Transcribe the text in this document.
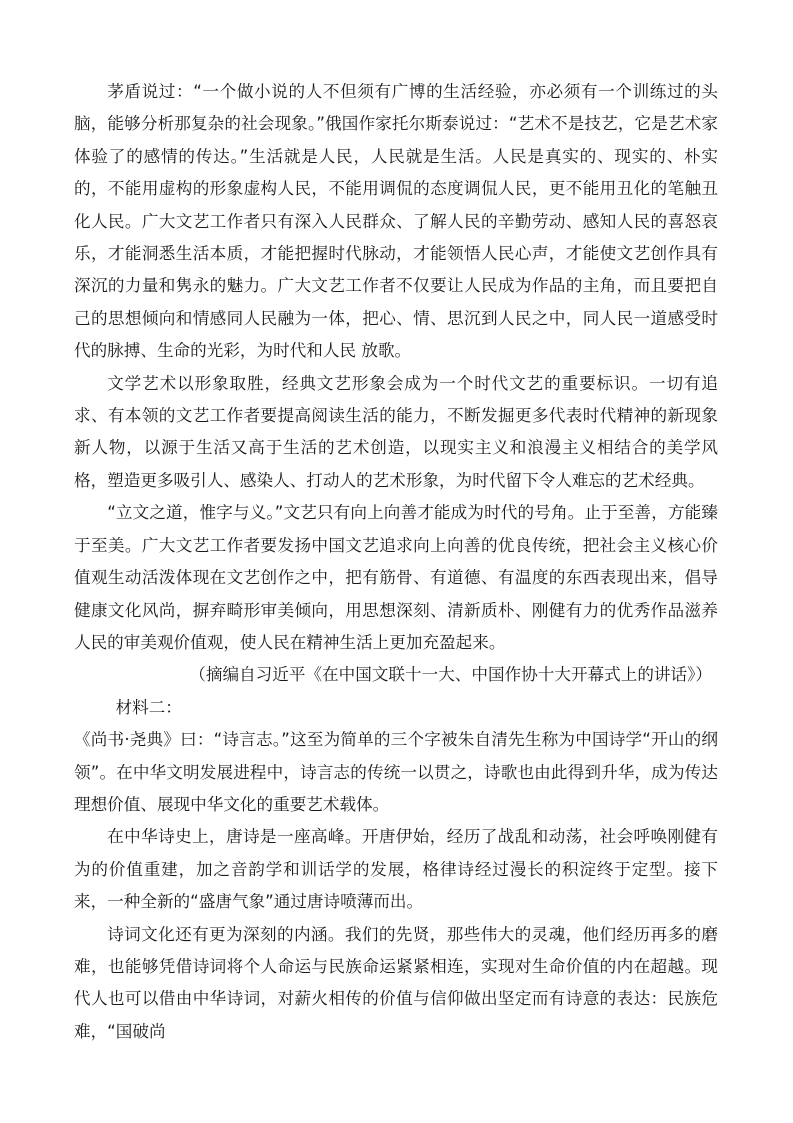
茅盾说过：“一个做小说的人不但须有广博的生活经验，亦必须有一个训练过的头脑，能够分析那复杂的社会现象。”俄国作家托尔斯泰说过：“艺术不是技艺，它是艺术家体验了的感情的传达。”生活就是人民，人民就是生活。人民是真实的、现实的、朴实的，不能用虚构的形象虚构人民，不能用调侃的态度调侃人民，更不能用丑化的笔触丑化人民。广大文艺工作者只有深入人民群众、了解人民的辛勤劳动、感知人民的喜怒哀乐，才能洞悉生活本质，才能把握时代脉动，才能领悟人民心声，才能使文艺创作具有深沉的力量和隽永的魅力。广大文艺工作者不仅要让人民成为作品的主角，而且要把自己的思想倾向和情感同人民融为一体，把心、情、思沉到人民之中，同人民一道感受时代的脉搏、生命的光彩，为时代和人民 放歌。

文学艺术以形象取胜，经典文艺形象会成为一个时代文艺的重要标识。一切有追求、有本领的文艺工作者要提高阅读生活的能力，不断发掘更多代表时代精神的新现象新人物，以源于生活又高于生活的艺术创造，以现实主义和浪漫主义相结合的美学风格，塑造更多吸引人、感染人、打动人的艺术形象，为时代留下令人难忘的艺术经典。

“立文之道，惟字与义。”文艺只有向上向善才能成为时代的号角。止于至善，方能臻于至美。广大文艺工作者要发扬中国文艺追求向上向善的优良传统，把社会主义核心价值观生动活泼体现在文艺创作之中，把有筋骨、有道德、有温度的东西表现出来，倡导健康文化风尚，摒弃畸形审美倾向，用思想深刻、清新质朴、刚健有力的优秀作品滋养人民的审美观价值观，使人民在精神生活上更加充盈起来。

（摘编自习近平《在中国文联十一大、中国作协十大开幕式上的讲话》）

材料二：

《尚书·尧典》曰：“诗言志。”这至为简单的三个字被朱自清先生称为中国诗学“开山的纲领”。在中华文明发展进程中，诗言志的传统一以贯之，诗歌也由此得到升华，成为传达理想价值、展现中华文化的重要艺术载体。

在中华诗史上，唐诗是一座高峰。开唐伊始，经历了战乱和动荡，社会呼唤刚健有为的价值重建，加之音韵学和训话学的发展，格律诗经过漫长的积淀终于定型。接下来，一种全新的“盛唐气象”通过唐诗喷薄而出。

诗词文化还有更为深刻的内涵。我们的先贤，那些伟大的灵魂，他们经历再多的磨难，也能够凭借诗词将个人命运与民族命运紧紧相连，实现对生命价值的内在超越。现代人也可以借由中华诗词，对薪火相传的价值与信仰做出坚定而有诗意的表达：民族危难，“国破尚
